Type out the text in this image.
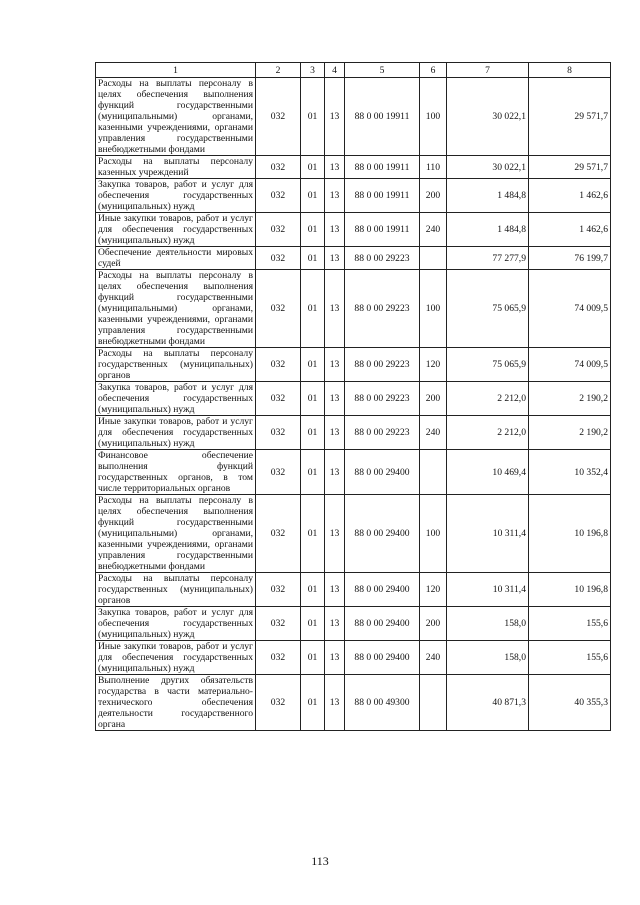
1	2	3	4	5	6	7	8
Расходы на выплаты персоналу в целях обеспечения выполнения функций государственными (муниципальными) органами, казенными учреждениями, органами управления государственными внебюджетными фондами	032	01	13	88 0 00 19911	100	30 022,1	29 571,7
Расходы на выплаты персоналу казенных учреждений	032	01	13	88 0 00 19911	110	30 022,1	29 571,7
Закупка товаров, работ и услуг для обеспечения государственных (муниципальных) нужд	032	01	13	88 0 00 19911	200	1 484,8	1 462,6
Иные закупки товаров, работ и услуг для обеспечения государственных (муниципальных) нужд	032	01	13	88 0 00 19911	240	1 484,8	1 462,6
Обеспечение деятельности мировых судей	032	01	13	88 0 00 29223		77 277,9	76 199,7
Расходы на выплаты персоналу в целях обеспечения выполнения функций государственными (муниципальными) органами, казенными учреждениями, органами управления государственными внебюджетными фондами	032	01	13	88 0 00 29223	100	75 065,9	74 009,5
Расходы на выплаты персоналу государственных (муниципальных) органов	032	01	13	88 0 00 29223	120	75 065,9	74 009,5
Закупка товаров, работ и услуг для обеспечения государственных (муниципальных) нужд	032	01	13	88 0 00 29223	200	2 212,0	2 190,2
Иные закупки товаров, работ и услуг для обеспечения государственных (муниципальных) нужд	032	01	13	88 0 00 29223	240	2 212,0	2 190,2
Финансовое обеспечение выполнения функций государственных органов, в том числе территориальных органов	032	01	13	88 0 00 29400		10 469,4	10 352,4
Расходы на выплаты персоналу в целях обеспечения выполнения функций государственными (муниципальными) органами, казенными учреждениями, органами управления государственными внебюджетными фондами	032	01	13	88 0 00 29400	100	10 311,4	10 196,8
Расходы на выплаты персоналу государственных (муниципальных) органов	032	01	13	88 0 00 29400	120	10 311,4	10 196,8
Закупка товаров, работ и услуг для обеспечения государственных (муниципальных) нужд	032	01	13	88 0 00 29400	200	158,0	155,6
Иные закупки товаров, работ и услуг для обеспечения государственных (муниципальных) нужд	032	01	13	88 0 00 29400	240	158,0	155,6
Выполнение других обязательств государства в части материально-технического обеспечения деятельности государственного органа	032	01	13	88 0 00 49300		40 871,3	40 355,3
113
